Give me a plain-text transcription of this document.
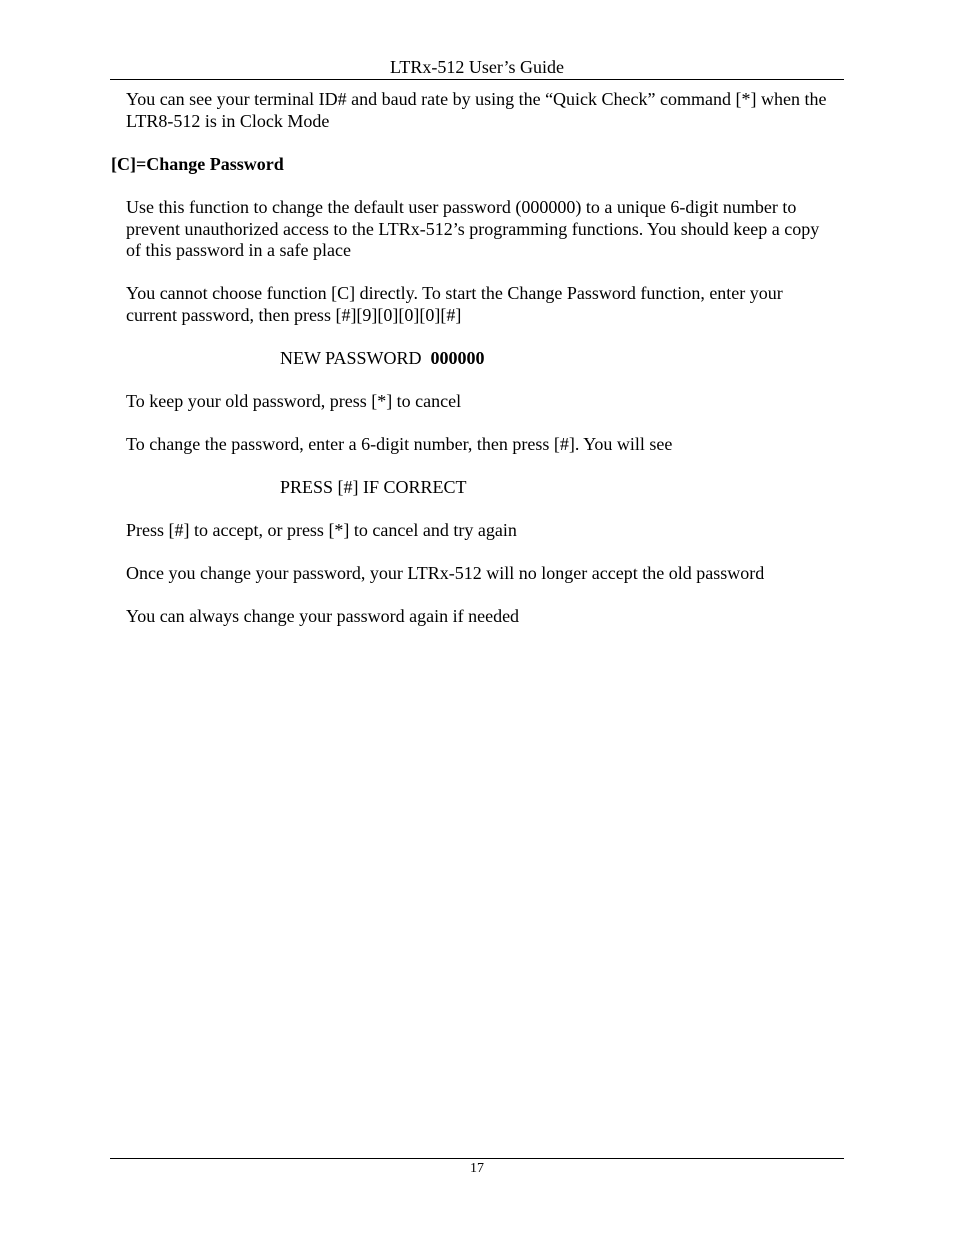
LTRx-512 User’s Guide

You can see your terminal ID# and baud rate by using the “Quick Check” command [*] when the LTR8-512 is in Clock Mode

[C]=Change Password

Use this function to change the default user password (000000) to a unique 6-digit number to prevent unauthorized access to the LTRx-512’s programming functions. You should keep a copy of this password in a safe place

You cannot choose function [C] directly. To start the Change Password function, enter your current password, then press [#][9][0][0][0][#]

NEW PASSWORD 000000

To keep your old password, press [*] to cancel

To change the password, enter a 6-digit number, then press [#]. You will see

PRESS [#] IF CORRECT

Press [#] to accept, or press [*] to cancel and try again

Once you change your password, your LTRx-512 will no longer accept the old password

You can always change your password again if needed

17
